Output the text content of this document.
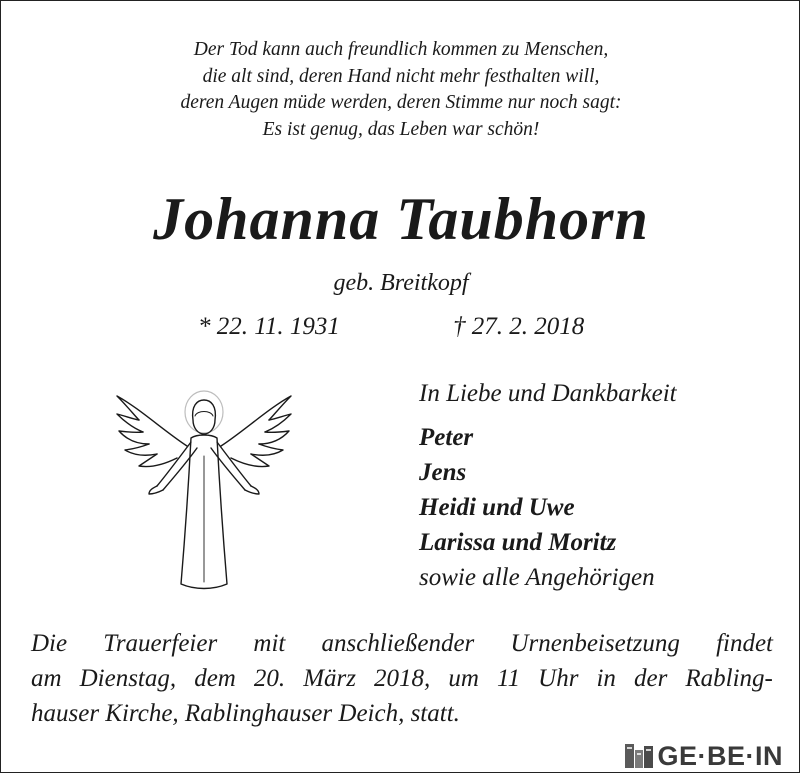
Der Tod kann auch freundlich kommen zu Menschen,
die alt sind, deren Hand nicht mehr festhalten will,
deren Augen müde werden, deren Stimme nur noch sagt:
Es ist genug, das Leben war schön!
Johanna Taubhorn
geb. Breitkopf
* 22. 11. 1931	† 27. 2. 2018
In Liebe und Dankbarkeit
Peter
Jens
Heidi und Uwe
Larissa und Moritz
sowie alle Angehörigen
Die Trauerfeier mit anschließender Urnenbeisetzung findet
am Dienstag, dem 20. März 2018, um 11 Uhr in der Rabling-
hauser Kirche, Rablinghauser Deich, statt.
GE·BE·IN
